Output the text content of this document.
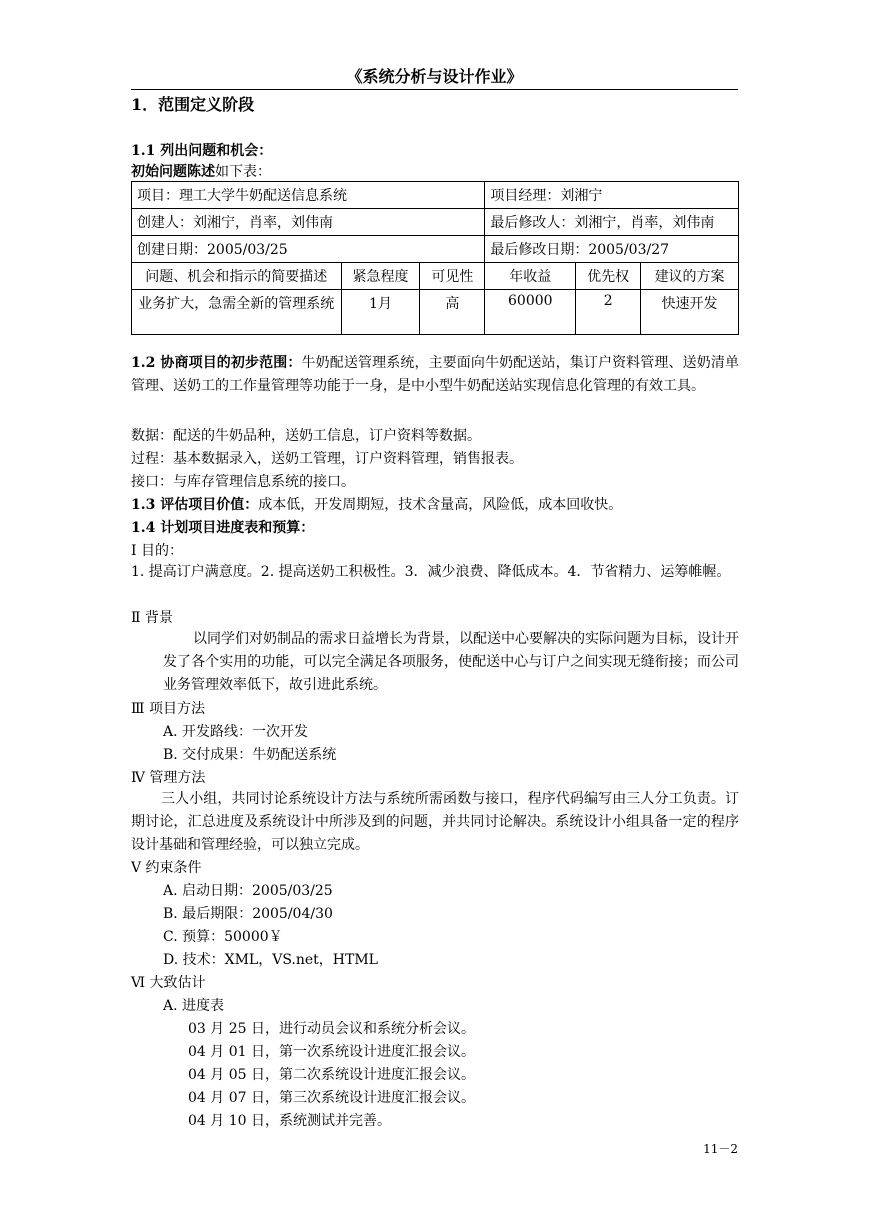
《系统分析与设计作业》
1．范围定义阶段
1.1 列出问题和机会：
初始问题陈述如下表：
项目：理工大学牛奶配送信息系统			项目经理：刘湘宁		
创建人：刘湘宁，肖率，刘伟南			最后修改人：刘湘宁，肖率，刘伟南		
创建日期：2005/03/25			最后修改日期：2005/03/27		
问题、机会和指示的简要描述	紧急程度	可见性	年收益	优先权	建议的方案
业务扩大，急需全新的管理系统	1月	高	60000	2	快速开发
1.2 协商项目的初步范围：牛奶配送管理系统，主要面向牛奶配送站，集订户资料管理、送奶清单管理、送奶工的工作量管理等功能于一身，是中小型牛奶配送站实现信息化管理的有效工具。
数据：配送的牛奶品种，送奶工信息，订户资料等数据。
过程：基本数据录入，送奶工管理，订户资料管理，销售报表。
接口：与库存管理信息系统的接口。
1.3 评估项目价值：成本低，开发周期短，技术含量高，风险低，成本回收快。
1.4 计划项目进度表和预算：
Ⅰ 目的：
1. 提高订户满意度。2. 提高送奶工积极性。3．减少浪费、降低成本。4．节省精力、运筹帷幄。
Ⅱ 背景
以同学们对奶制品的需求日益增长为背景，以配送中心要解决的实际问题为目标，设计开发了各个实用的功能，可以完全满足各项服务，使配送中心与订户之间实现无缝衔接；而公司业务管理效率低下，故引进此系统。
Ⅲ 项目方法
A. 开发路线：一次开发
B. 交付成果：牛奶配送系统
Ⅳ 管理方法
三人小组，共同讨论系统设计方法与系统所需函数与接口，程序代码编写由三人分工负责。订期讨论，汇总进度及系统设计中所涉及到的问题，并共同讨论解决。系统设计小组具备一定的程序设计基础和管理经验，可以独立完成。
Ⅴ 约束条件
A. 启动日期：2005/03/25
B. 最后期限：2005/04/30
C. 预算：50000￥
D. 技术：XML，VS.net，HTML
Ⅵ 大致估计
A. 进度表
03 月 25 日，进行动员会议和系统分析会议。
04 月 01 日，第一次系统设计进度汇报会议。
04 月 05 日，第二次系统设计进度汇报会议。
04 月 07 日，第三次系统设计进度汇报会议。
04 月 10 日，系统测试并完善。
11－2
